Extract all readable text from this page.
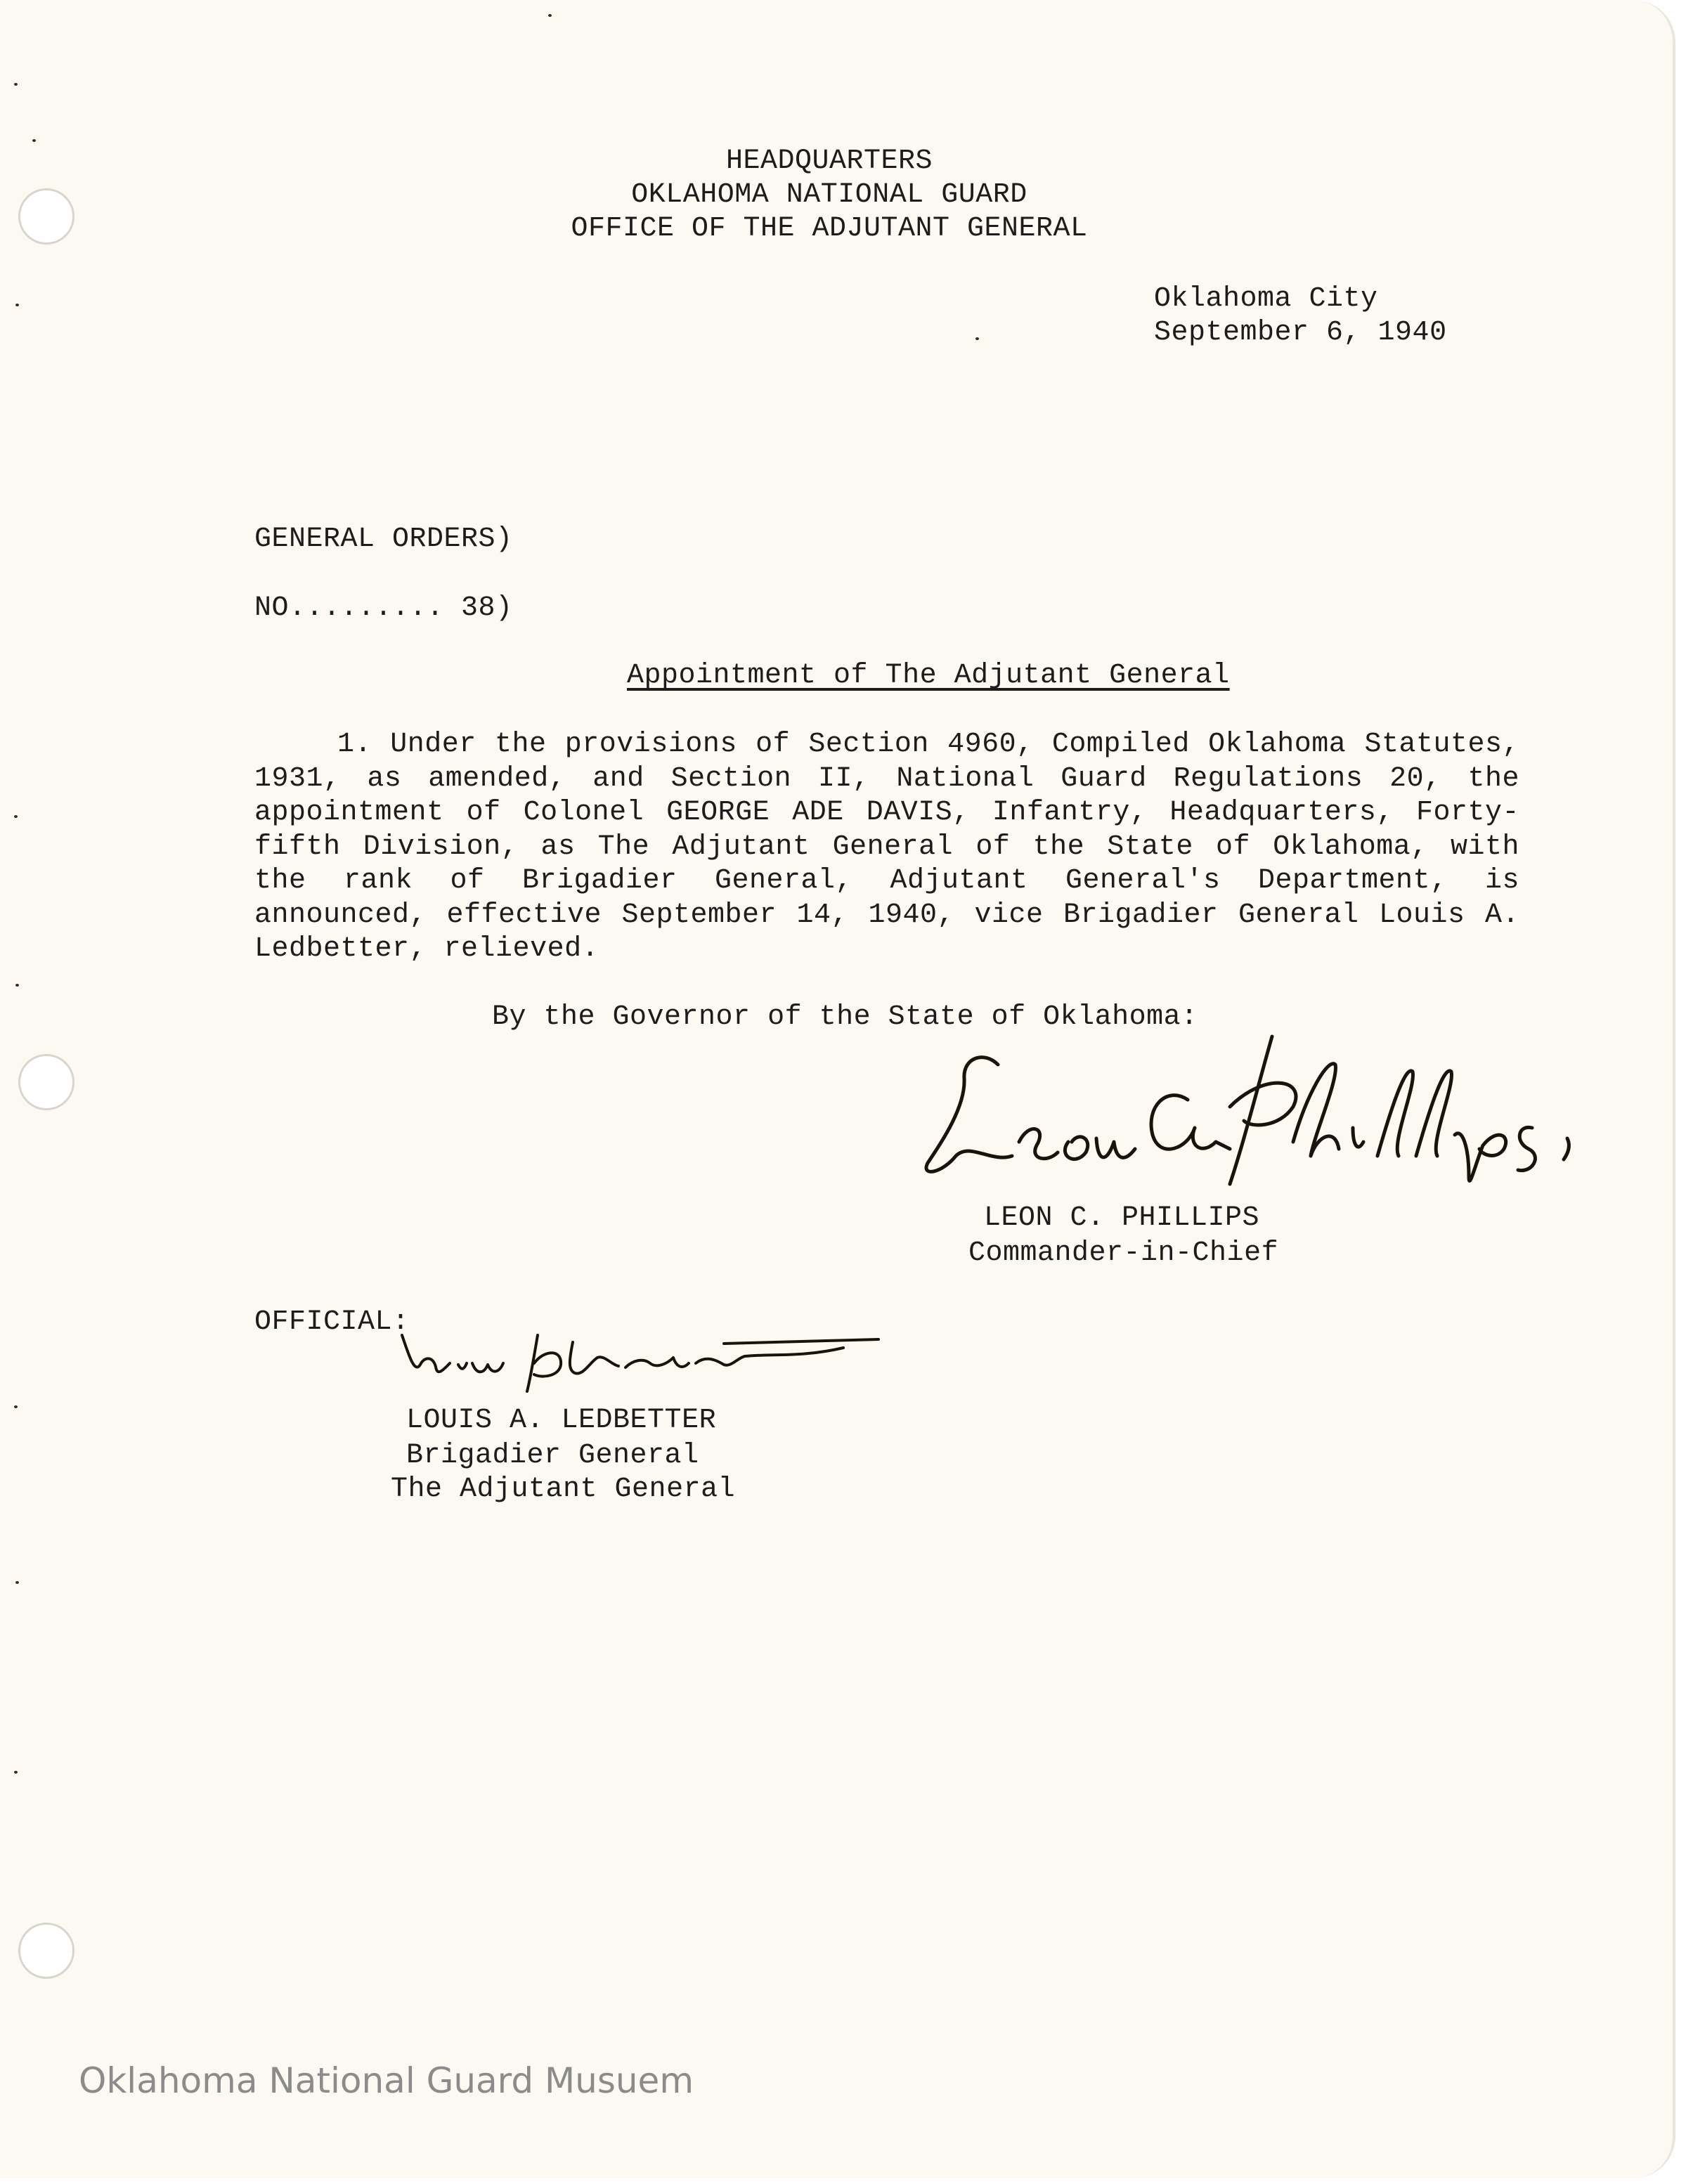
HEADQUARTERS
OKLAHOMA NATIONAL GUARD
OFFICE OF THE ADJUTANT GENERAL
Oklahoma City
September 6, 1940
GENERAL ORDERS)
NO......... 38)
Appointment of The Adjutant General
1. Under the provisions of Section 4960, Compiled Oklahoma Statutes, 1931, as amended, and Section II, National Guard Regulations 20, the appointment of Colonel GEORGE ADE DAVIS, Infantry, Headquarters, Forty-fifth Division, as The Adjutant General of the State of Oklahoma, with the rank of Brigadier General, Adjutant General's Department, is announced, effective September 14, 1940, vice Brigadier General Louis A. Ledbetter, relieved.
By the Governor of the State of Oklahoma:
LEON C. PHILLIPS
Commander-in-Chief
OFFICIAL:
LOUIS A. LEDBETTER
Brigadier General
The Adjutant General
Oklahoma National Guard Musuem
